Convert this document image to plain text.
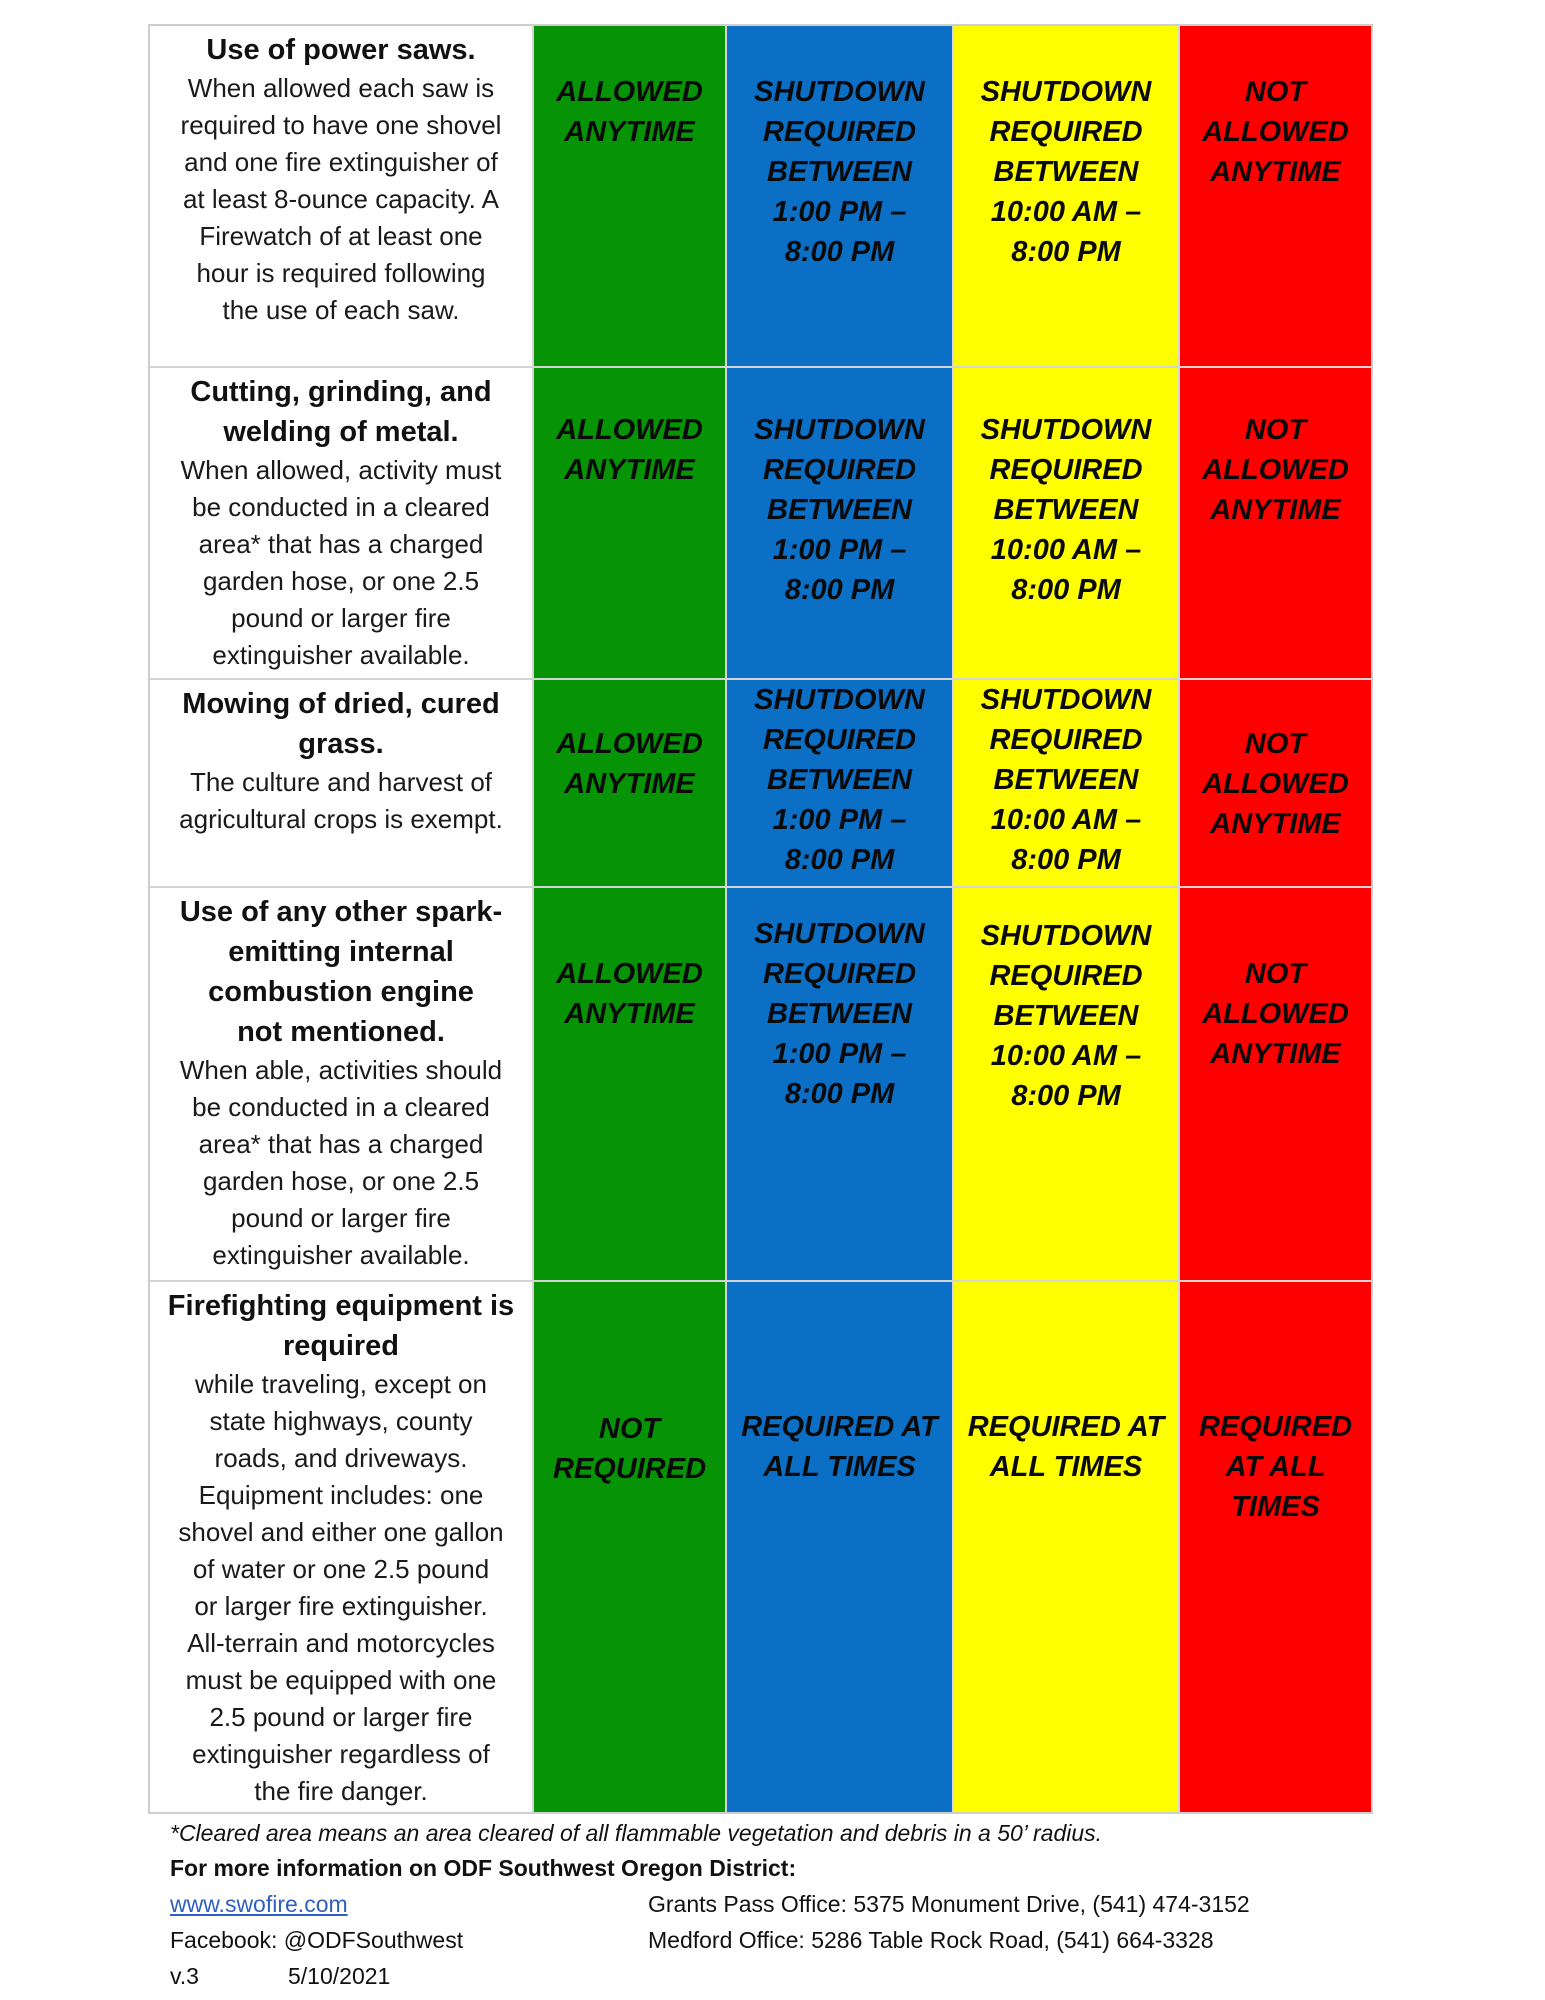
Use of power saws.
When allowed each saw is
required to have one shovel
and one fire extinguisher of
at least 8-ounce capacity. A
Firewatch of at least one
hour is required following
the use of each saw.
ALLOWED
ANYTIME
SHUTDOWN
REQUIRED
BETWEEN
1:00 PM –
8:00 PM
SHUTDOWN
REQUIRED
BETWEEN
10:00 AM –
8:00 PM
NOT
ALLOWED
ANYTIME
Cutting, grinding, and
welding of metal.
When allowed, activity must
be conducted in a cleared
area* that has a charged
garden hose, or one 2.5
pound or larger fire
extinguisher available.
ALLOWED
ANYTIME
SHUTDOWN
REQUIRED
BETWEEN
1:00 PM –
8:00 PM
SHUTDOWN
REQUIRED
BETWEEN
10:00 AM –
8:00 PM
NOT
ALLOWED
ANYTIME
Mowing of dried, cured
grass.
The culture and harvest of
agricultural crops is exempt.
ALLOWED
ANYTIME
SHUTDOWN
REQUIRED
BETWEEN
1:00 PM –
8:00 PM
SHUTDOWN
REQUIRED
BETWEEN
10:00 AM –
8:00 PM
NOT
ALLOWED
ANYTIME
Use of any other spark-
emitting internal
combustion engine
not mentioned.
When able, activities should
be conducted in a cleared
area* that has a charged
garden hose, or one 2.5
pound or larger fire
extinguisher available.
ALLOWED
ANYTIME
SHUTDOWN
REQUIRED
BETWEEN
1:00 PM –
8:00 PM
SHUTDOWN
REQUIRED
BETWEEN
10:00 AM –
8:00 PM
NOT
ALLOWED
ANYTIME
Firefighting equipment is
required
while traveling, except on
state highways, county
roads, and driveways.
Equipment includes: one
shovel and either one gallon
of water or one 2.5 pound
or larger fire extinguisher.
All-terrain and motorcycles
must be equipped with one
2.5 pound or larger fire
extinguisher regardless of
the fire danger.
NOT
REQUIRED
REQUIRED AT
ALL TIMES
REQUIRED AT
ALL TIMES
REQUIRED
AT ALL
TIMES
*Cleared area means an area cleared of all flammable vegetation and debris in a 50’ radius.
For more information on ODF Southwest Oregon District:
www.swofire.com
Facebook: @ODFSouthwest
v.3	5/10/2021
Grants Pass Office: 5375 Monument Drive, (541) 474-3152
Medford Office: 5286 Table Rock Road, (541) 664-3328
